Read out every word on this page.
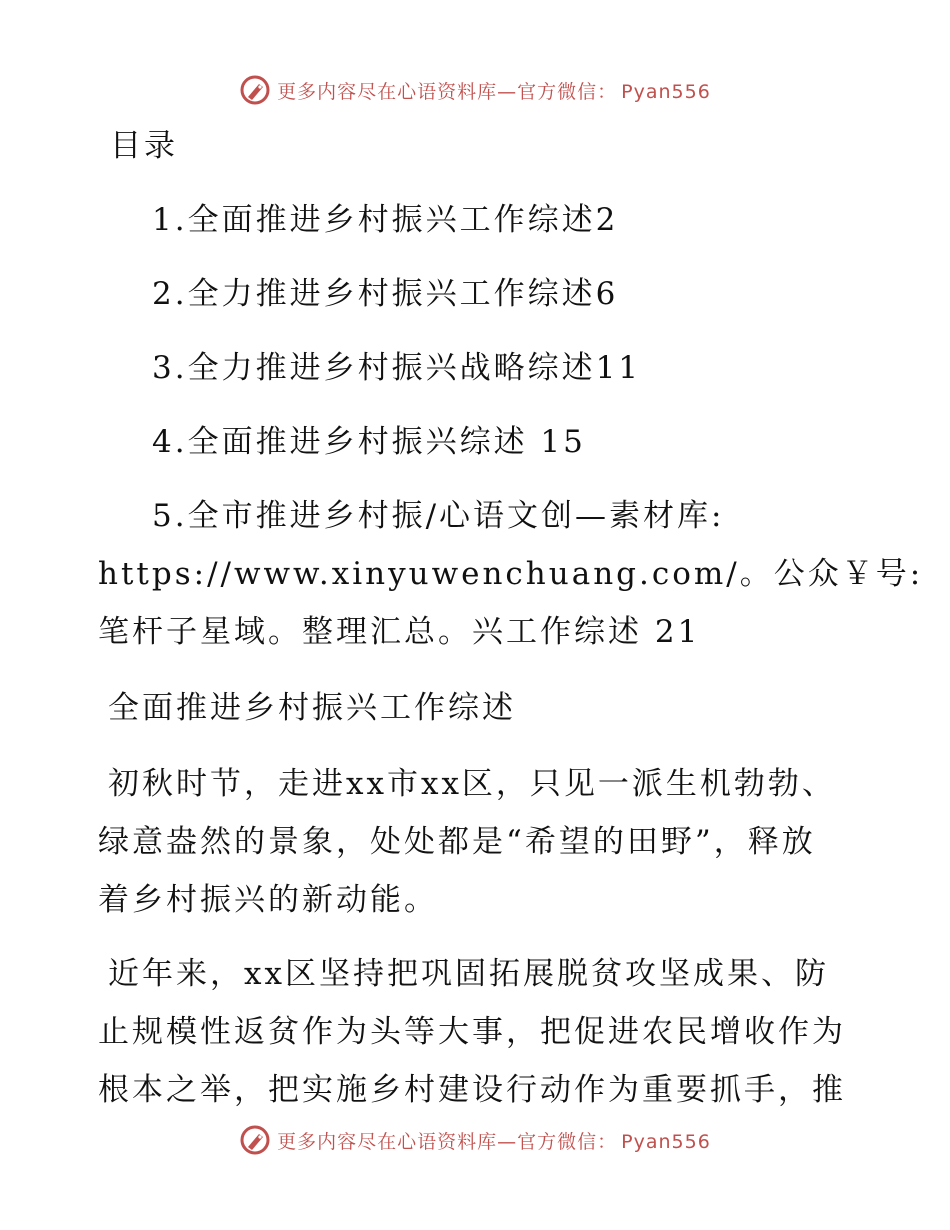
更多内容尽在心语资料库—官方微信： Pyan556
目录
1.全面推进乡村振兴工作综述2
2.全力推进乡村振兴工作综述6
3.全力推进乡村振兴战略综述11
4.全面推进乡村振兴综述 15
5.全市推进乡村振/心语文创—素材库:
https://www.xinyuwenchuang.com/。公众￥号:
笔杆子星域。整理汇总。兴工作综述 21
全面推进乡村振兴工作综述
初秋时节，走进xx市xx区，只见一派生机勃勃、
绿意盎然的景象，处处都是“希望的田野”，释放
着乡村振兴的新动能。
近年来，xx区坚持把巩固拓展脱贫攻坚成果、防
止规模性返贫作为头等大事，把促进农民增收作为
根本之举，把实施乡村建设行动作为重要抓手，推
更多内容尽在心语资料库—官方微信： Pyan556
